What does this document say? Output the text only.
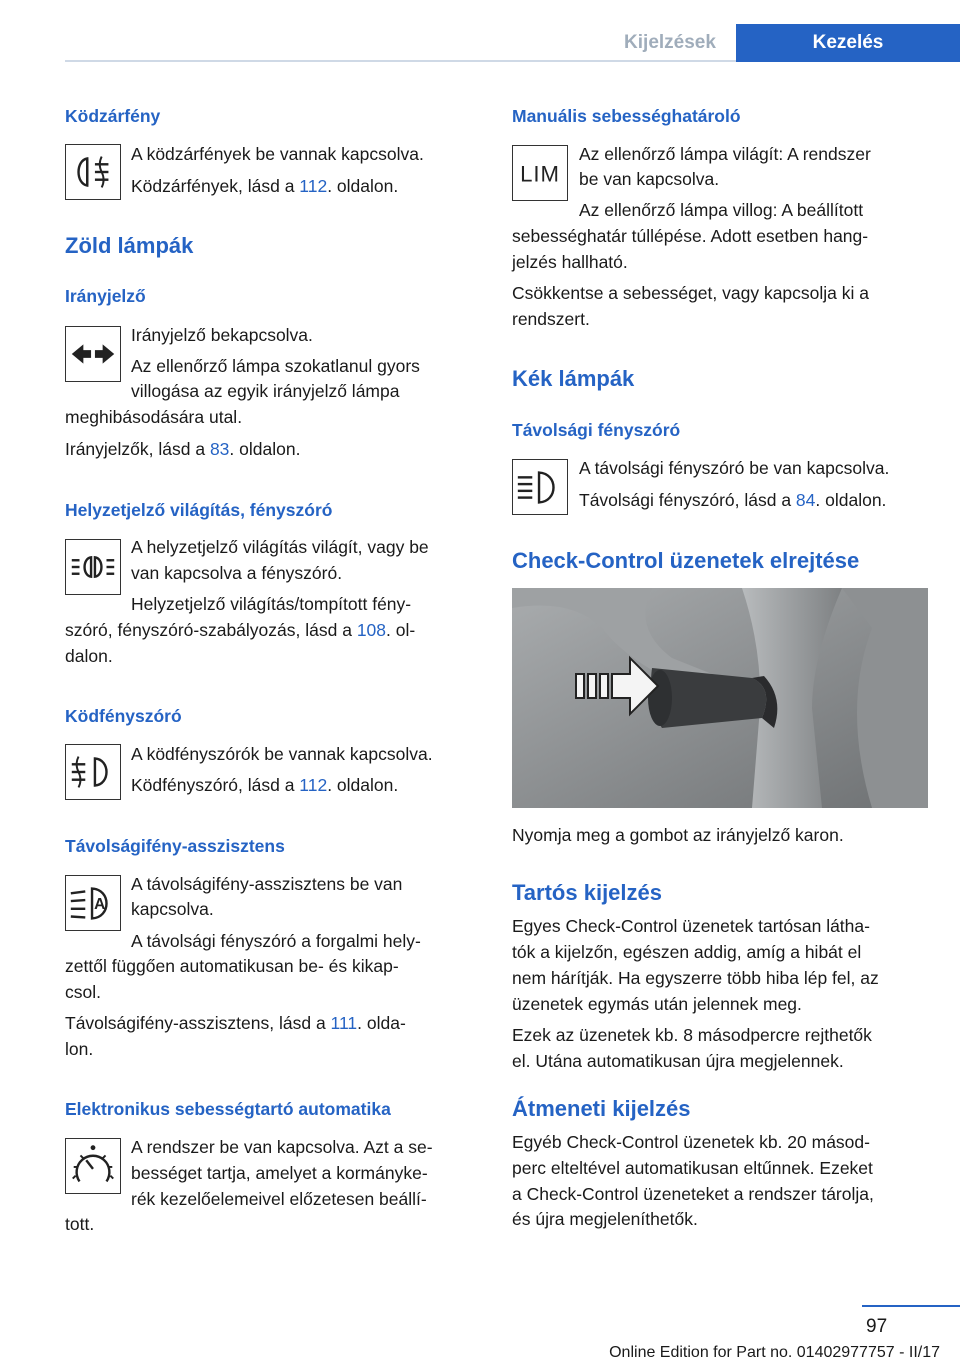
Kijelzések	Kezelés
Ködzárfény
A ködzárfények be vannak kapcsolva.
Ködzárfények, lásd a 112. oldalon.
Zöld lámpák
Irányjelző
Irányjelző bekapcsolva.
Az ellenőrző lámpa szokatlanul gyors
villogása az egyik irányjelző lámpa
meghibásodására utal.
Irányjelzők, lásd a 83. oldalon.
Helyzetjelző világítás, fényszóró
A helyzetjelző világítás világít, vagy be
van kapcsolva a fényszóró.
Helyzetjelző világítás/tompított fény-
szóró, fényszóró-szabályozás, lásd a 108. ol-
dalon.
Ködfényszóró
A ködfényszórók be vannak kapcsolva.
Ködfényszóró, lásd a 112. oldalon.
Távolságifény-asszisztens
A
A távolságifény-asszisztens be van
kapcsolva.
A távolsági fényszóró a forgalmi hely-
zettől függően automatikusan be- és kikap-
csol.
Távolságifény-asszisztens, lásd a 111. olda-
lon.
Elektronikus sebességtartó automatika
A rendszer be van kapcsolva. Azt a se-
bességet tartja, amelyet a kormányke-
rék kezelőelemeivel előzetesen beállí-
tott.
Manuális sebességhatároló
LIM
Az ellenőrző lámpa világít: A rendszer
be van kapcsolva.
Az ellenőrző lámpa villog: A beállított
sebességhatár túllépése. Adott esetben hang-
jelzés hallható.
Csökkentse a sebességet, vagy kapcsolja ki a
rendszert.
Kék lámpák
Távolsági fényszóró
A távolsági fényszóró be van kapcsolva.
Távolsági fényszóró, lásd a 84. oldalon.
Check-Control üzenetek elrejtése
Nyomja meg a gombot az irányjelző karon.
Tartós kijelzés
Egyes Check-Control üzenetek tartósan látha-
tók a kijelzőn, egészen addig, amíg a hibát el
nem hárítják. Ha egyszerre több hiba lép fel, az
üzenetek egymás után jelennek meg.
Ezek az üzenetek kb. 8 másodpercre rejthetők
el. Utána automatikusan újra megjelennek.
Átmeneti kijelzés
Egyéb Check-Control üzenetek kb. 20 másod-
perc elteltével automatikusan eltűnnek. Ezeket
a Check-Control üzeneteket a rendszer tárolja,
és újra megjeleníthetők.
97
Online Edition for Part no. 01402977757 - II/17
